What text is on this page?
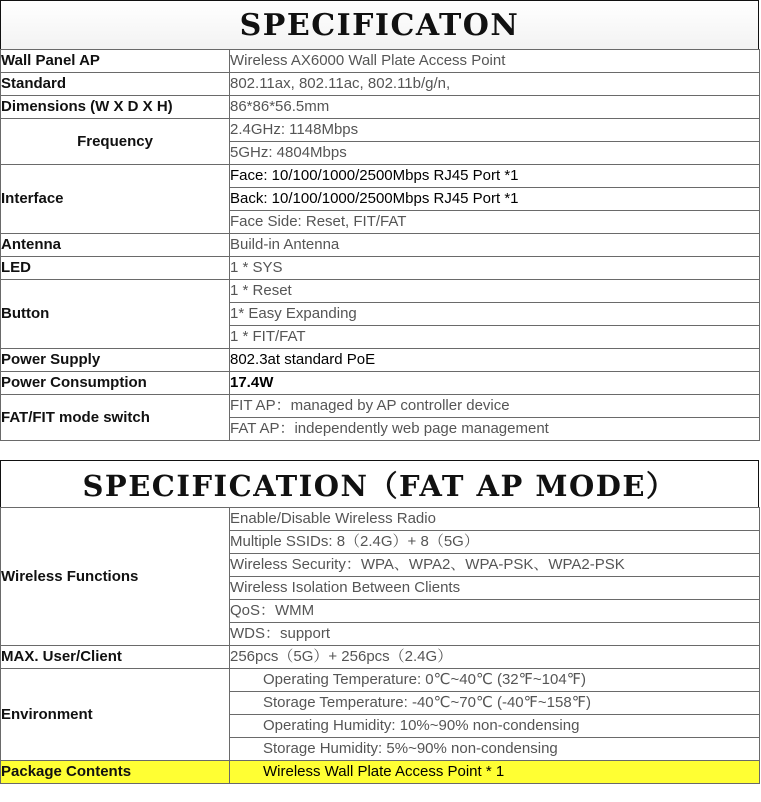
SPECIFICATON
Wall Panel AP	Wireless AX6000 Wall Plate Access Point
Standard	802.11ax, 802.11ac, 802.11b/g/n,
Dimensions (W X D X H)	86*86*56.5mm
Frequency	2.4GHz: 1148Mbps
	5GHz: 4804Mbps
Interface	Face: 10/100/1000/2500Mbps RJ45 Port *1
	Back: 10/100/1000/2500Mbps RJ45 Port *1
	Face Side: Reset, FIT/FAT
Antenna	Build-in Antenna
LED	1 * SYS
Button	1 * Reset
	1* Easy Expanding
	1 * FIT/FAT
Power Supply	802.3at standard PoE
Power Consumption	17.4W
FAT/FIT mode switch	FIT AP：managed by AP controller device
	FAT AP：independently web page management
SPECIFICATION（FAT AP MODE）
Wireless Functions	Enable/Disable Wireless Radio
	Multiple SSIDs: 8（2.4G）+ 8（5G）
	Wireless Security：WPA、WPA2、WPA-PSK、WPA2-PSK
	Wireless Isolation Between Clients
	QoS：WMM
	WDS：support
MAX. User/Client	256pcs（5G）+ 256pcs（2.4G）
Environment	Operating Temperature: 0℃~40℃ (32℉~104℉)
	Storage Temperature: -40℃~70℃ (-40℉~158℉)
	Operating Humidity: 10%~90% non-condensing
	Storage Humidity: 5%~90% non-condensing
Package Contents	Wireless Wall Plate Access Point * 1
